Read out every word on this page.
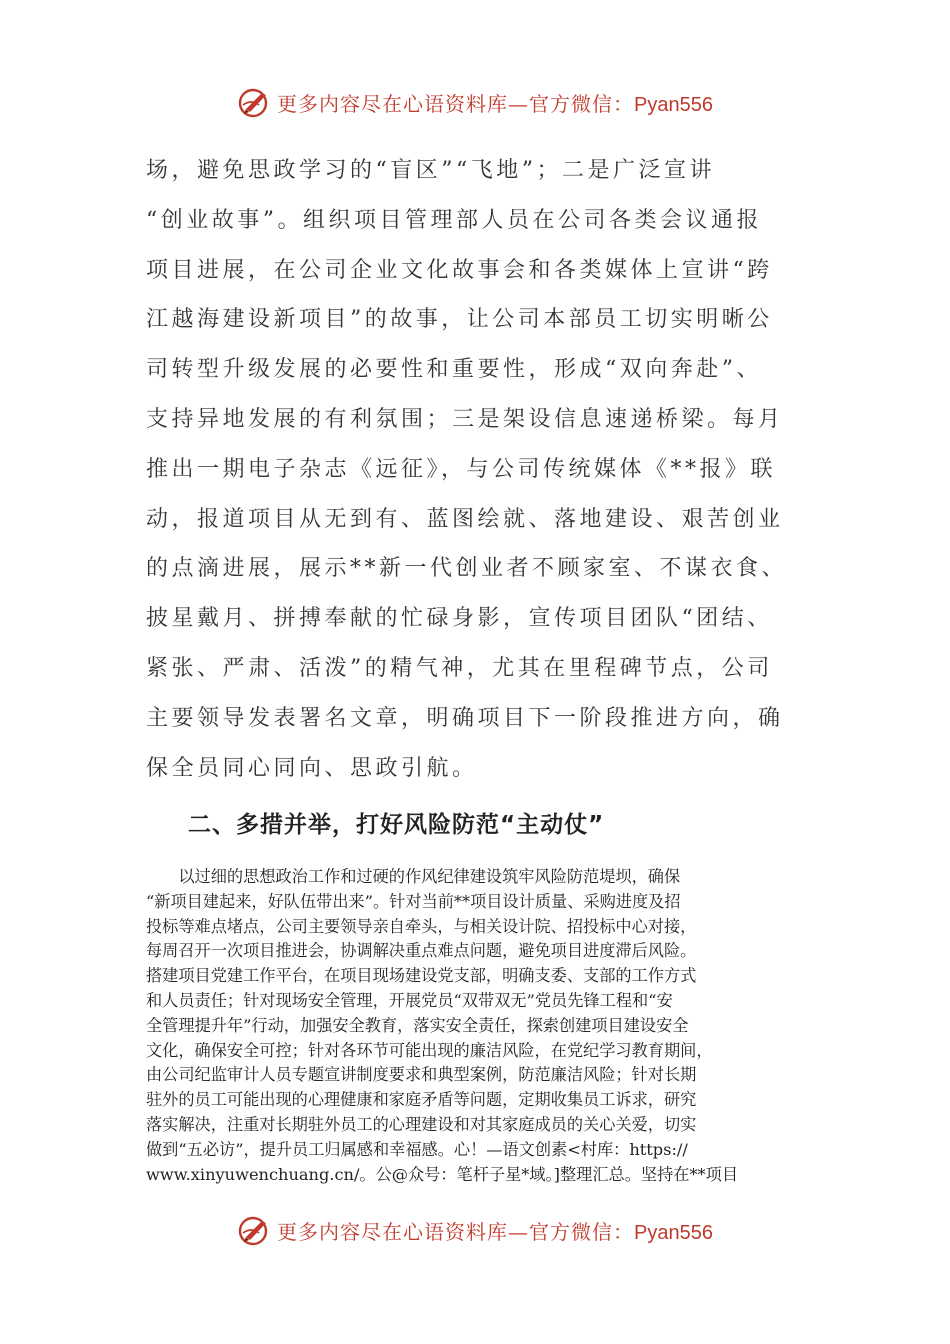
更多内容尽在心语资料库—官方微信：Pyan556
场，避免思政学习的“盲区”“飞地”；二是广泛宣讲
“创业故事”。组织项目管理部人员在公司各类会议通报
项目进展，在公司企业文化故事会和各类媒体上宣讲“跨
江越海建设新项目”的故事，让公司本部员工切实明晰公
司转型升级发展的必要性和重要性，形成“双向奔赴”、
支持异地发展的有利氛围；三是架设信息速递桥梁。每月
推出一期电子杂志《远征》，与公司传统媒体《**报》联
动，报道项目从无到有、蓝图绘就、落地建设、艰苦创业
的点滴进展，展示**新一代创业者不顾家室、不谋衣食、
披星戴月、拼搏奉献的忙碌身影，宣传项目团队“团结、
紧张、严肃、活泼”的精气神，尤其在里程碑节点，公司
主要领导发表署名文章，明确项目下一阶段推进方向，确
保全员同心同向、思政引航。
二、多措并举，打好风险防范“主动仗”
　　以过细的思想政治工作和过硬的作风纪律建设筑牢风险防范堤坝，确保
“新项目建起来，好队伍带出来”。针对当前**项目设计质量、采购进度及招
投标等难点堵点，公司主要领导亲自牵头，与相关设计院、招投标中心对接，
每周召开一次项目推进会，协调解决重点难点问题，避免项目进度滞后风险。
搭建项目党建工作平台，在项目现场建设党支部，明确支委、支部的工作方式
和人员责任；针对现场安全管理，开展党员“双带双无”党员先锋工程和“安
全管理提升年”行动，加强安全教育，落实安全责任，探索创建项目建设安全
文化，确保安全可控；针对各环节可能出现的廉洁风险，在党纪学习教育期间，
由公司纪监审计人员专题宣讲制度要求和典型案例，防范廉洁风险；针对长期
驻外的员工可能出现的心理健康和家庭矛盾等问题，定期收集员工诉求，研究
落实解决，注重对长期驻外员工的心理建设和对其家庭成员的关心关爱，切实
做到“五必访”，提升员工归属感和幸福感。心！—语文创素<村库：https://
www.xinyuwenchuang.cn/。公@众号：笔杆子星*域。]整理汇总。坚持在**项目
更多内容尽在心语资料库—官方微信：Pyan556
